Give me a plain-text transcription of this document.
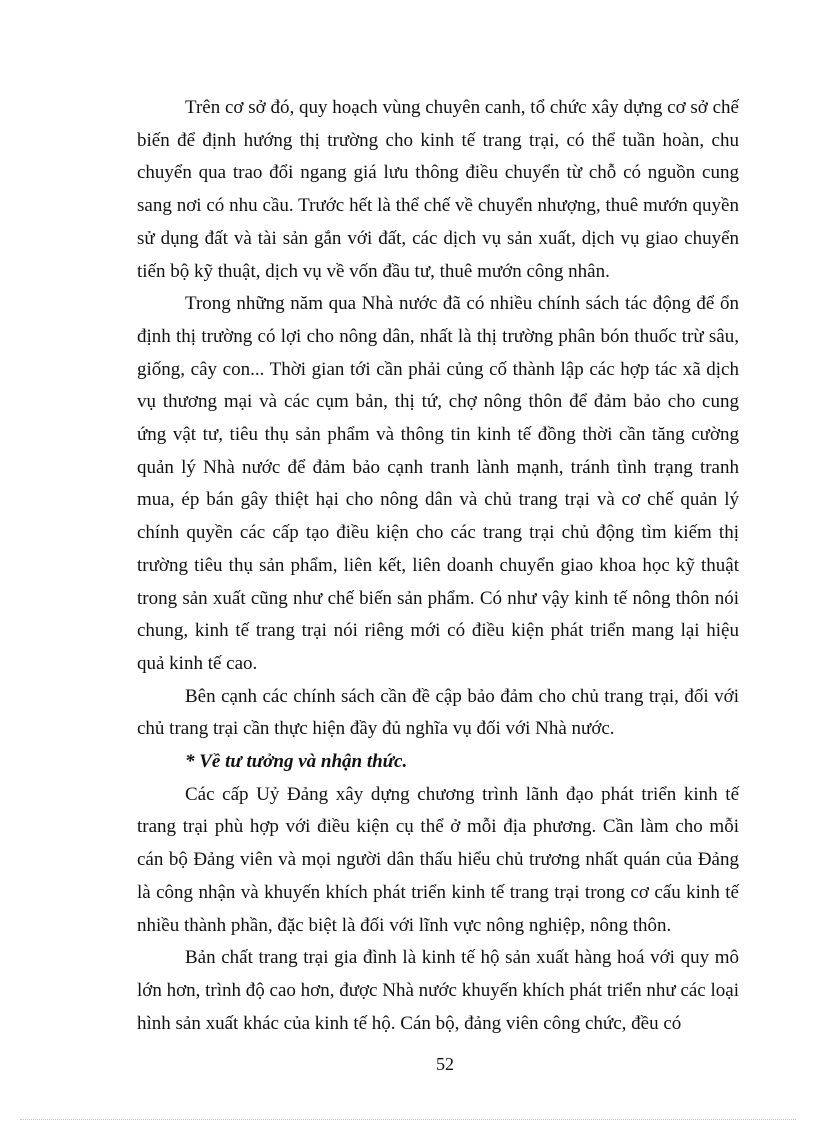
Trên cơ sở đó, quy hoạch vùng chuyên canh, tổ chức xây dựng cơ sở chế biến để định hướng thị trường cho kinh tế trang trại, có thể tuần hoàn, chu chuyển qua trao đổi ngang giá lưu thông điều chuyển từ chỗ có nguồn cung sang nơi có nhu cầu. Trước hết là thể chế về chuyển nhượng, thuê mướn quyền sử dụng đất và tài sản gắn với đất, các dịch vụ sản xuất, dịch vụ giao chuyển tiến bộ kỹ thuật, dịch vụ về vốn đầu tư, thuê mướn công nhân.

Trong những năm qua Nhà nước đã có nhiều chính sách tác động để ổn định thị trường có lợi cho nông dân, nhất là thị trường phân bón thuốc trừ sâu, giống, cây con... Thời gian tới cần phải củng cố thành lập các hợp tác xã dịch vụ thương mại và các cụm bản, thị tứ, chợ nông thôn để đảm bảo cho cung ứng vật tư, tiêu thụ sản phẩm và thông tin kinh tế đồng thời cần tăng cường quản lý Nhà nước để đảm bảo cạnh tranh lành mạnh, tránh tình trạng tranh mua, ép bán gây thiệt hại cho nông dân và chủ trang trại và cơ chế quản lý chính quyền các cấp tạo điều kiện cho các trang trại chủ động tìm kiếm thị trường tiêu thụ sản phẩm, liên kết, liên doanh chuyển giao khoa học kỹ thuật trong sản xuất cũng như chế biến sản phẩm. Có như vậy kinh tế nông thôn nói chung, kinh tế trang trại nói riêng mới có điều kiện phát triển mang lại hiệu quả kinh tế cao.

Bên cạnh các chính sách cần đề cập bảo đảm cho chủ trang trại, đối với chủ trang trại cần thực hiện đầy đủ nghĩa vụ đối với Nhà nước.

* Về tư tưởng và nhận thức.

Các cấp Uỷ Đảng xây dựng chương trình lãnh đạo phát triển kinh tế trang trại phù hợp với điều kiện cụ thể ở mỗi địa phương. Cần làm cho mỗi cán bộ Đảng viên và mọi người dân thấu hiểu chủ trương nhất quán của Đảng là công nhận và khuyến khích phát triển kinh tế trang trại trong cơ cấu kinh tế nhiều thành phần, đặc biệt là đối với lĩnh vực nông nghiệp, nông thôn.

Bản chất trang trại gia đình là kinh tế hộ sản xuất hàng hoá với quy mô lớn hơn, trình độ cao hơn, được Nhà nước khuyến khích phát triển như các loại hình sản xuất khác của kinh tế hộ. Cán bộ, đảng viên công chức, đều có

52
